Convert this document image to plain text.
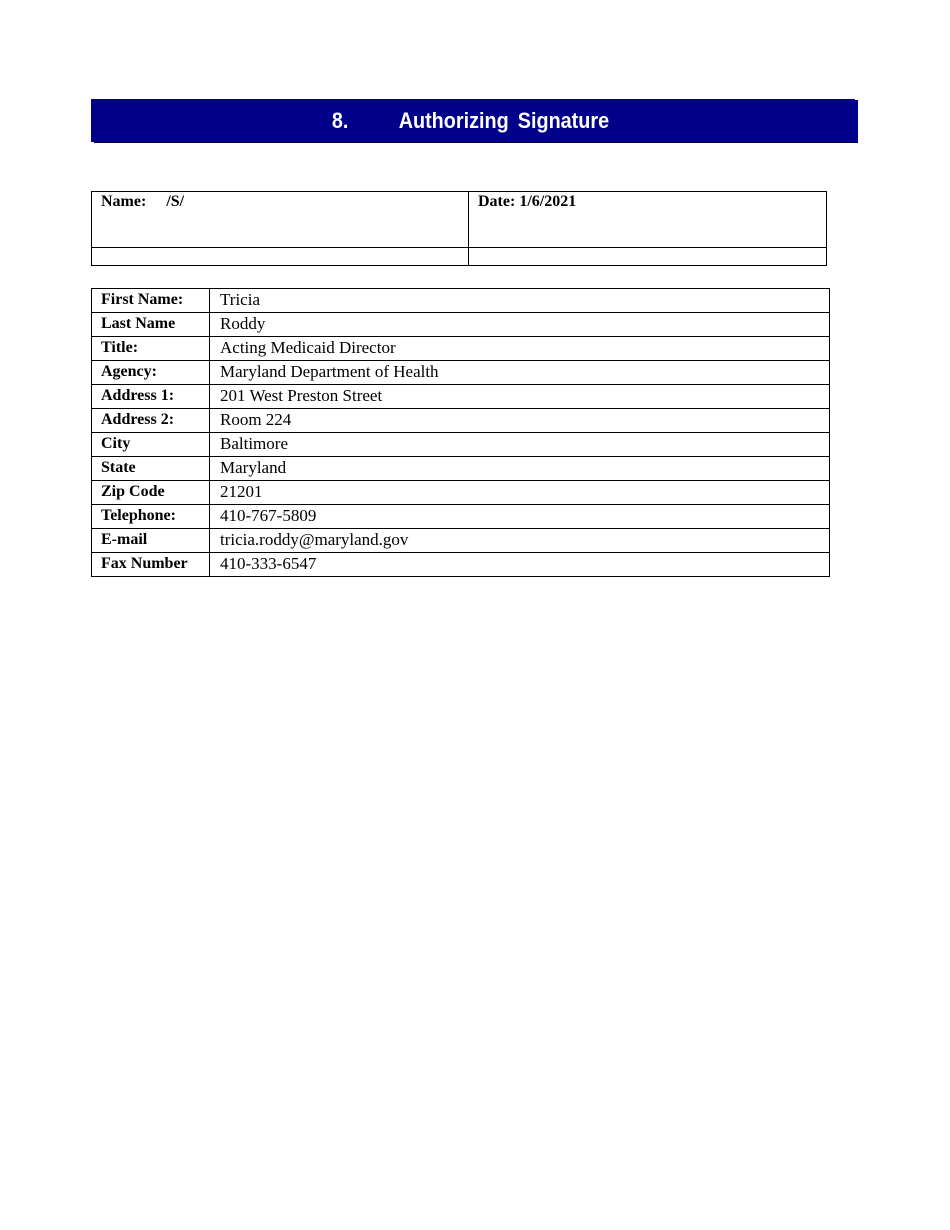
8. Authorizing Signature
Name: /S/	Date: 1/6/2021

First Name:	Tricia
Last Name	Roddy
Title:	Acting Medicaid Director
Agency:	Maryland Department of Health
Address 1:	201 West Preston Street
Address 2:	Room 224
City	Baltimore
State	Maryland
Zip Code	21201
Telephone:	410-767-5809
E-mail	tricia.roddy@maryland.gov
Fax Number	410-333-6547
